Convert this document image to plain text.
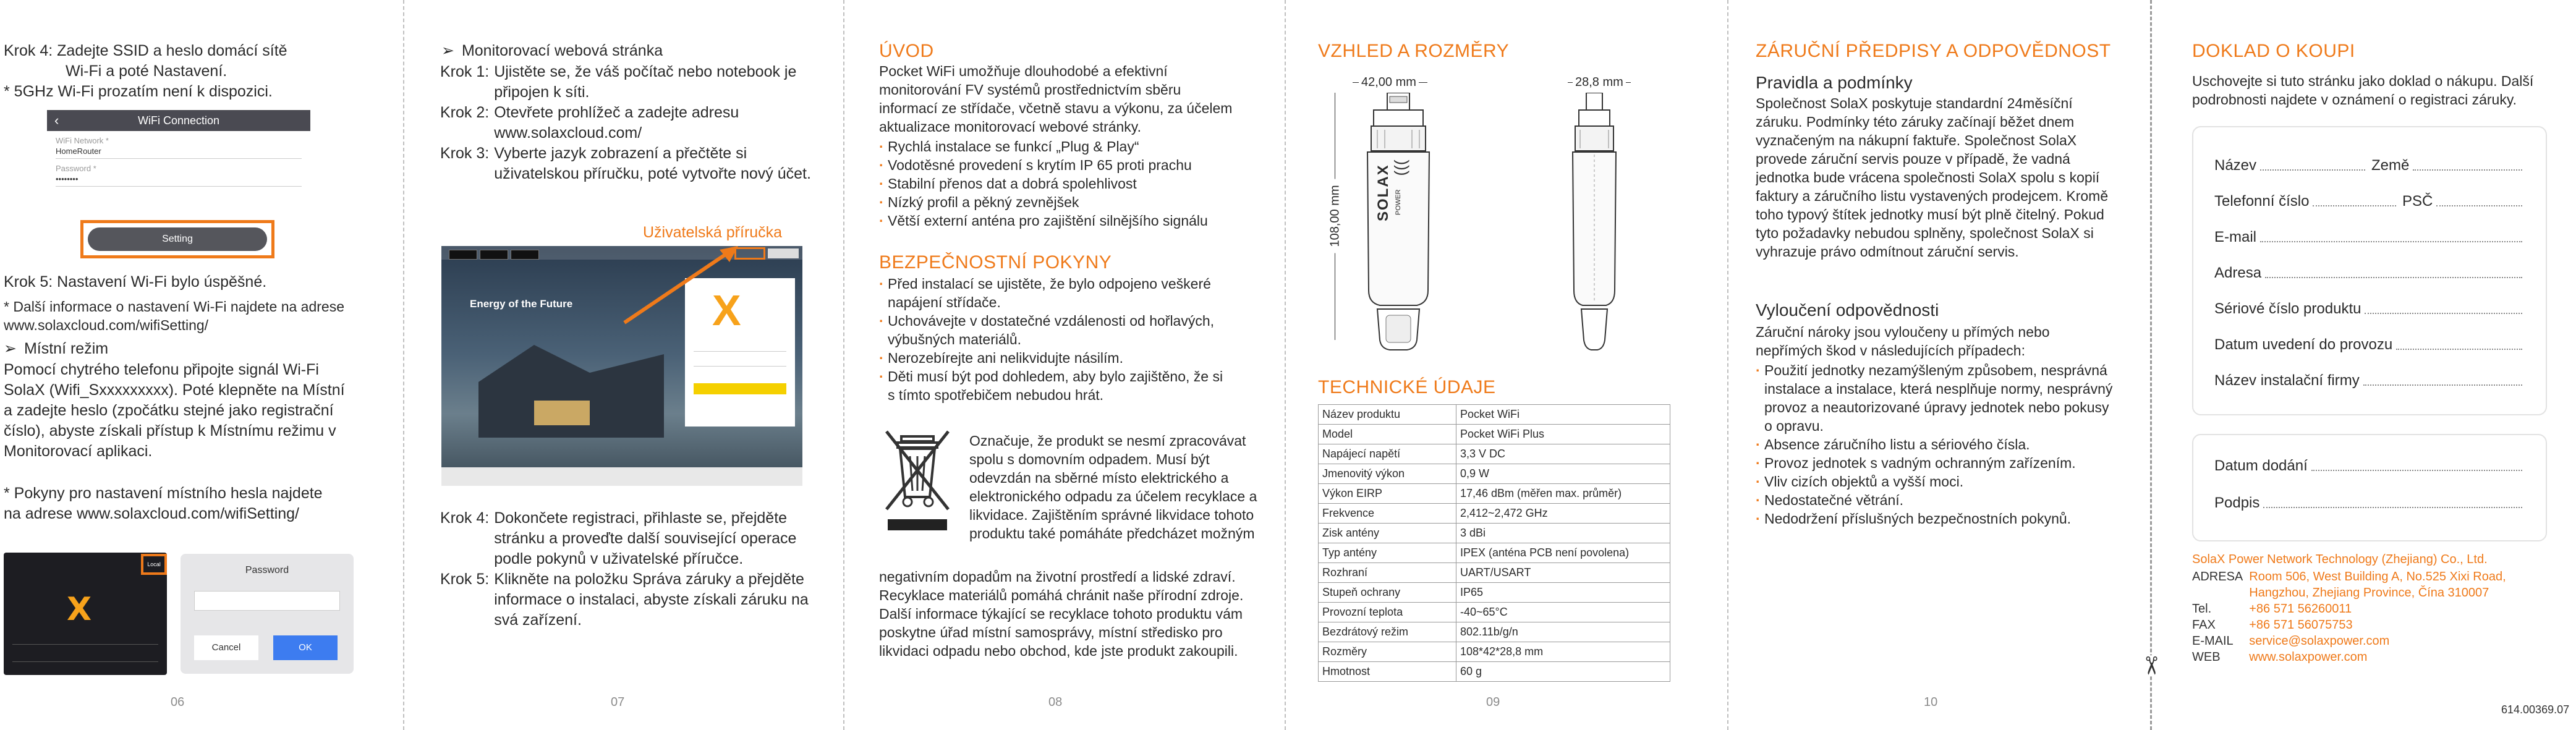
Krok 4: Zadejte SSID a heslo domácí sítě
Wi-Fi a poté Nastavení.
* 5GHz Wi-Fi prozatím není k dispozici.
‹	WiFi Connection
WiFi Network *
HomeRouter
Password *
••••••••
Setting
Krok 5: Nastavení Wi-Fi bylo úspěšné.
* Další informace o nastavení Wi-Fi najdete na adrese www.solaxcloud.com/wifiSetting/
➢ Místní režim
Pomocí chytrého telefonu připojte signál Wi-Fi SolaX (Wifi_Sxxxxxxxxx). Poté klepněte na Místní a zadejte heslo (zpočátku stejné jako registrační číslo), abyste získali přístup k Místnímu režimu v Monitorovací aplikaci.
* Pokyny pro nastavení místního hesla najdete na adrese www.solaxcloud.com/wifiSetting/
Local
X
Password
Cancel	OK
06
➢ Monitorovací webová stránka
Krok 1: Ujistěte se, že váš počítač nebo notebook je připojen k síti.
Krok 2: Otevřete prohlížeč a zadejte adresu www.solaxcloud.com/
Krok 3: Vyberte jazyk zobrazení a přečtěte si uživatelskou příručku, poté vytvořte nový účet.
Uživatelská příručka
Energy of the Future	X
Krok 4: Dokončete registraci, přihlaste se, přejděte stránku a proveďte další související operace podle pokynů v uživatelské příručce.
Krok 5: Klikněte na položku Správa záruky a přejděte informace o instalaci, abyste získali záruku na svá zařízení.
07
ÚVOD
Pocket WiFi umožňuje dlouhodobé a efektivní monitorování FV systémů prostřednictvím sběru informací ze střídače, včetně stavu a výkonu, za účelem aktualizace monitorovací webové stránky.
· Rychlá instalace se funkcí „Plug & Play“
· Vodotěsné provedení s krytím IP 65 proti prachu
· Stabilní přenos dat a dobrá spolehlivost
· Nízký profil a pěkný zevnějšek
· Větší externí anténa pro zajištění silnějšího signálu
BEZPEČNOSTNÍ POKYNY
· Před instalací se ujistěte, že bylo odpojeno veškeré napájení střídače.
· Uchovávejte v dostatečné vzdálenosti od hořlavých, výbušných materiálů.
· Nerozebírejte ani nelikvidujte násilím.
· Děti musí být pod dohledem, aby bylo zajištěno, že si s tímto spotřebičem nebudou hrát.
Označuje, že produkt se nesmí zpracovávat spolu s domovním odpadem. Musí být odevzdán na sběrné místo elektrického a elektronického odpadu za účelem recyklace a likvidace. Zajištěním správné likvidace tohoto produktu také pomáháte předcházet možným
negativním dopadům na životní prostředí a lidské zdraví. Recyklace materiálů pomáhá chránit naše přírodní zdroje. Další informace týkající se recyklace tohoto produktu vám poskytne úřad místní samosprávy, místní středisko pro likvidaci odpadu nebo obchod, kde jste produkt zakoupili.
08
VZHLED A ROZMĚRY
42,00 mm	28,8 mm
108,00 mm
)))
SOLAX POWER
TECHNICKÉ ÚDAJE
Název produktu	Pocket WiFi
Model	Pocket WiFi Plus
Napájecí napětí	3,3 V DC
Jmenovitý výkon	0,9 W
Výkon EIRP	17,46 dBm (měřen max. průměr)
Frekvence	2,412~2,472 GHz
Zisk antény	3 dBi
Typ antény	IPEX (anténa PCB není povolena)
Rozhraní	UART/USART
Stupeň ochrany	IP65
Provozní teplota	-40~65°C
Bezdrátový režim	802.11b/g/n
Rozměry	108*42*28,8 mm
Hmotnost	60 g
09
ZÁRUČNÍ PŘEDPISY A ODPOVĚDNOST
Pravidla a podmínky
Společnost SolaX poskytuje standardní 24měsíční záruku. Podmínky této záruky začínají běžet dnem vyznačeným na nákupní faktuře. Společnost SolaX provede záruční servis pouze v případě, že vadná jednotka bude vrácena společnosti SolaX spolu s kopií faktury a záručního listu vystavených prodejcem. Kromě toho typový štítek jednotky musí být plně čitelný. Pokud tyto požadavky nebudou splněny, společnost SolaX si vyhrazuje právo odmítnout záruční servis.
Vyloučení odpovědnosti
Záruční nároky jsou vyloučeny u přímých nebo nepřímých škod v následujících případech:
· Použití jednotky nezamýšleným způsobem, nesprávná instalace a instalace, která nesplňuje normy, nesprávný provoz a neautorizované úpravy jednotek nebo pokusy o opravu.
· Absence záručního listu a sériového čísla.
· Provoz jednotek s vadným ochranným zařízením.
· Vliv cizích objektů a vyšší moci.
· Nedostatečné větrání.
· Nedodržení příslušných bezpečnostních pokynů.
10
✂
DOKLAD O KOUPI
Uschovejte si tuto stránku jako doklad o nákupu. Další podrobnosti najdete v oznámení o registraci záruky.
Název	Země
Telefonní číslo	PSČ
E-mail
Adresa
Sériové číslo produktu
Datum uvedení do provozu
Název instalační firmy
Datum dodání
Podpis
SolaX Power Network Technology (Zhejiang) Co., Ltd.
ADRESA	Room 506, West Building A, No.525 Xixi Road, Hangzhou, Zhejiang Province, Čína 310007
Tel.	+86 571 56260011
FAX	+86 571 56075753
E-MAIL	service@solaxpower.com
WEB	www.solaxpower.com
614.00369.07
